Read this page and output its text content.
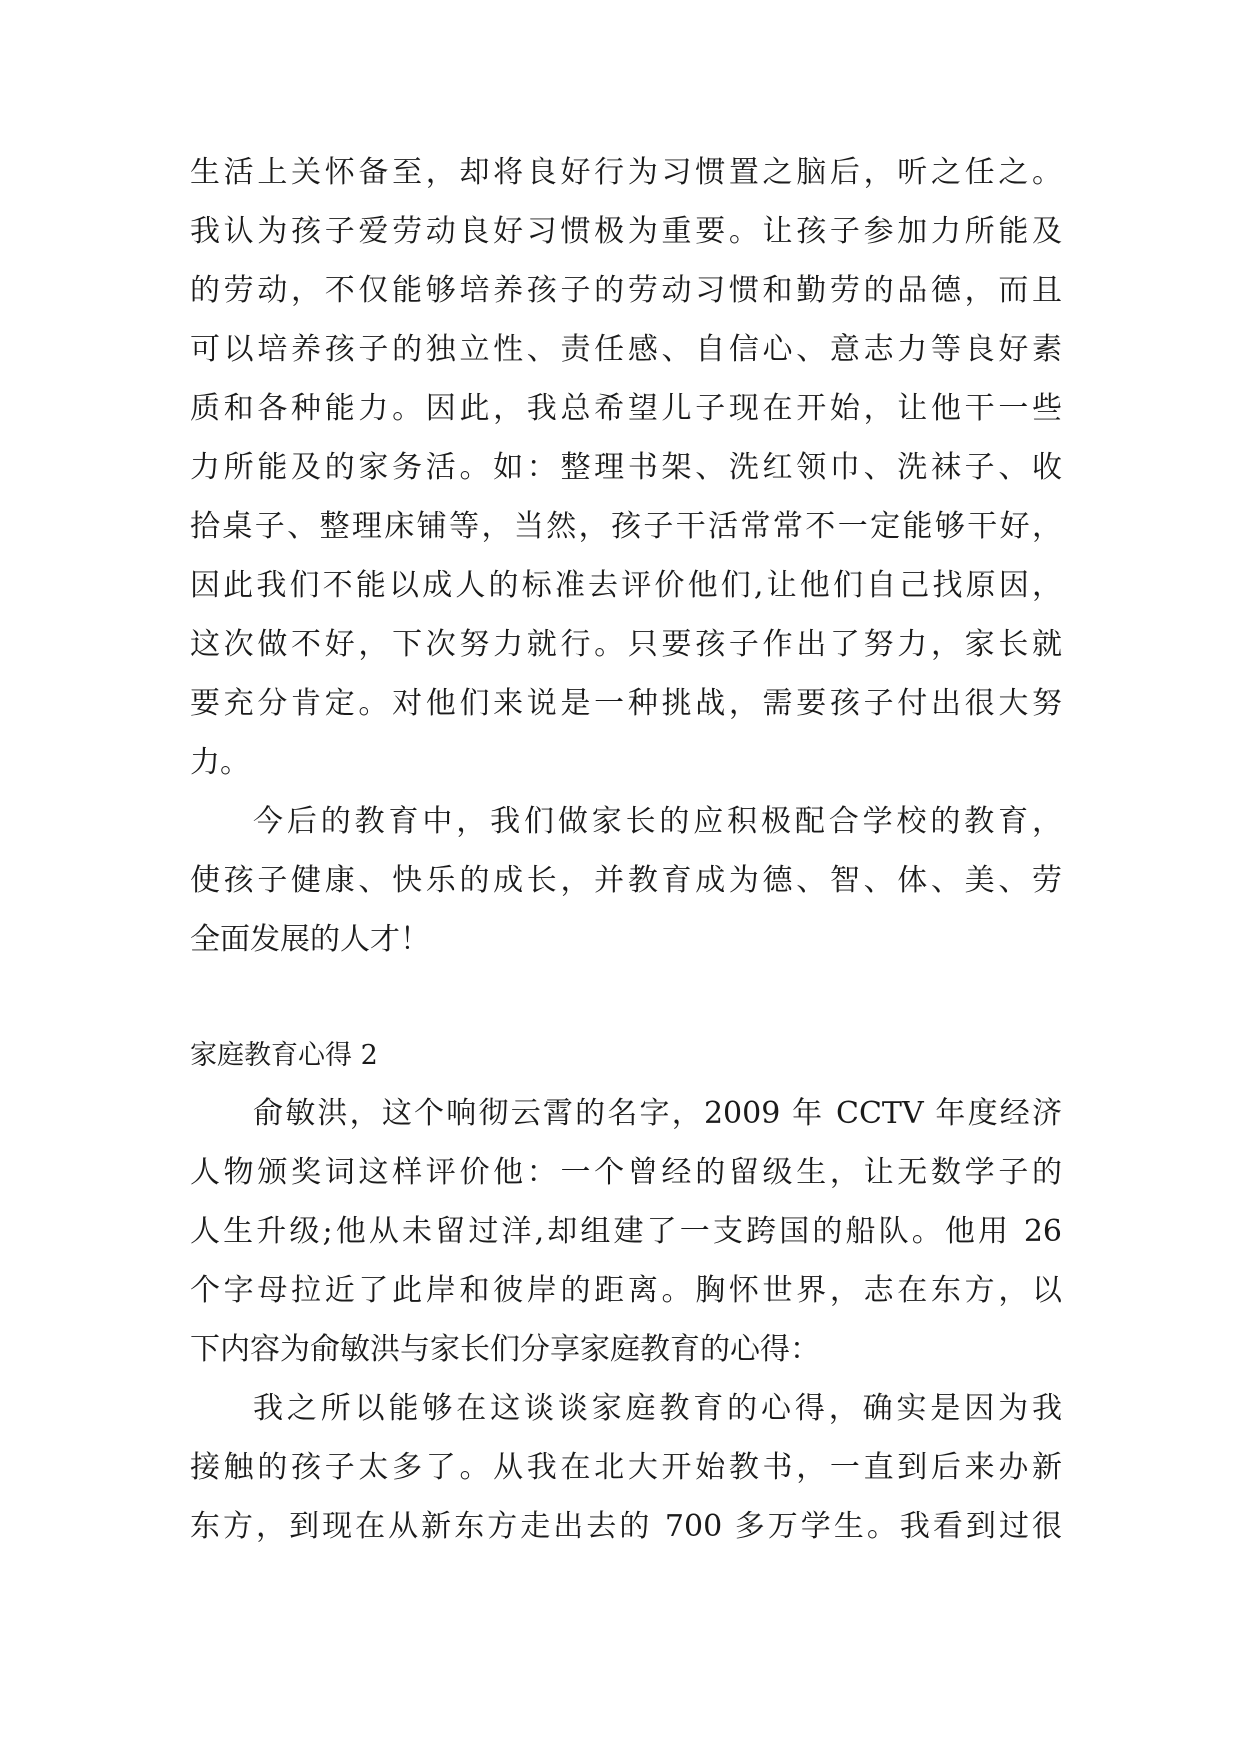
生活上关怀备至，却将良好行为习惯置之脑后，听之任之。
我认为孩子爱劳动良好习惯极为重要。让孩子参加力所能及
的劳动，不仅能够培养孩子的劳动习惯和勤劳的品德，而且
可以培养孩子的独立性、责任感、自信心、意志力等良好素
质和各种能力。因此，我总希望儿子现在开始，让他干一些
力所能及的家务活。如：整理书架、洗红领巾、洗袜子、收
拾桌子、整理床铺等，当然，孩子干活常常不一定能够干好，
因此我们不能以成人的标准去评价他们,让他们自己找原因，
这次做不好，下次努力就行。只要孩子作出了努力，家长就
要充分肯定。对他们来说是一种挑战，需要孩子付出很大努
力。
今后的教育中，我们做家长的应积极配合学校的教育，
使孩子健康、快乐的成长，并教育成为德、智、体、美、劳
全面发展的人才！
家庭教育心得 2
俞敏洪，这个响彻云霄的名字，2009 年 CCTV 年度经济
人物颁奖词这样评价他：一个曾经的留级生，让无数学子的
人生升级;他从未留过洋,却组建了一支跨国的船队。他用 26
个字母拉近了此岸和彼岸的距离。胸怀世界，志在东方，以
下内容为俞敏洪与家长们分享家庭教育的心得：
我之所以能够在这谈谈家庭教育的心得，确实是因为我
接触的孩子太多了。从我在北大开始教书，一直到后来办新
东方，到现在从新东方走出去的 700 多万学生。我看到过很
